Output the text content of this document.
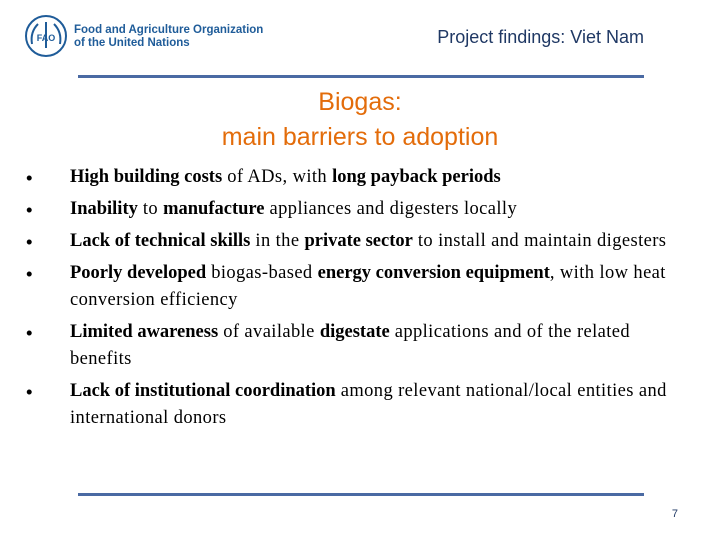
FAO
Food and Agriculture Organization
of the United Nations	Project findings: Viet Nam
Biogas:
main barriers to adoption
• High building costs of ADs, with long payback periods
• Inability to manufacture appliances and digesters locally
• Lack of technical skills in the private sector to install and maintain digesters
• Poorly developed biogas-based energy conversion equipment, with low heat conversion efficiency
• Limited awareness of available digestate applications and of the related benefits
• Lack of institutional coordination among relevant national/local entities and international donors
7
